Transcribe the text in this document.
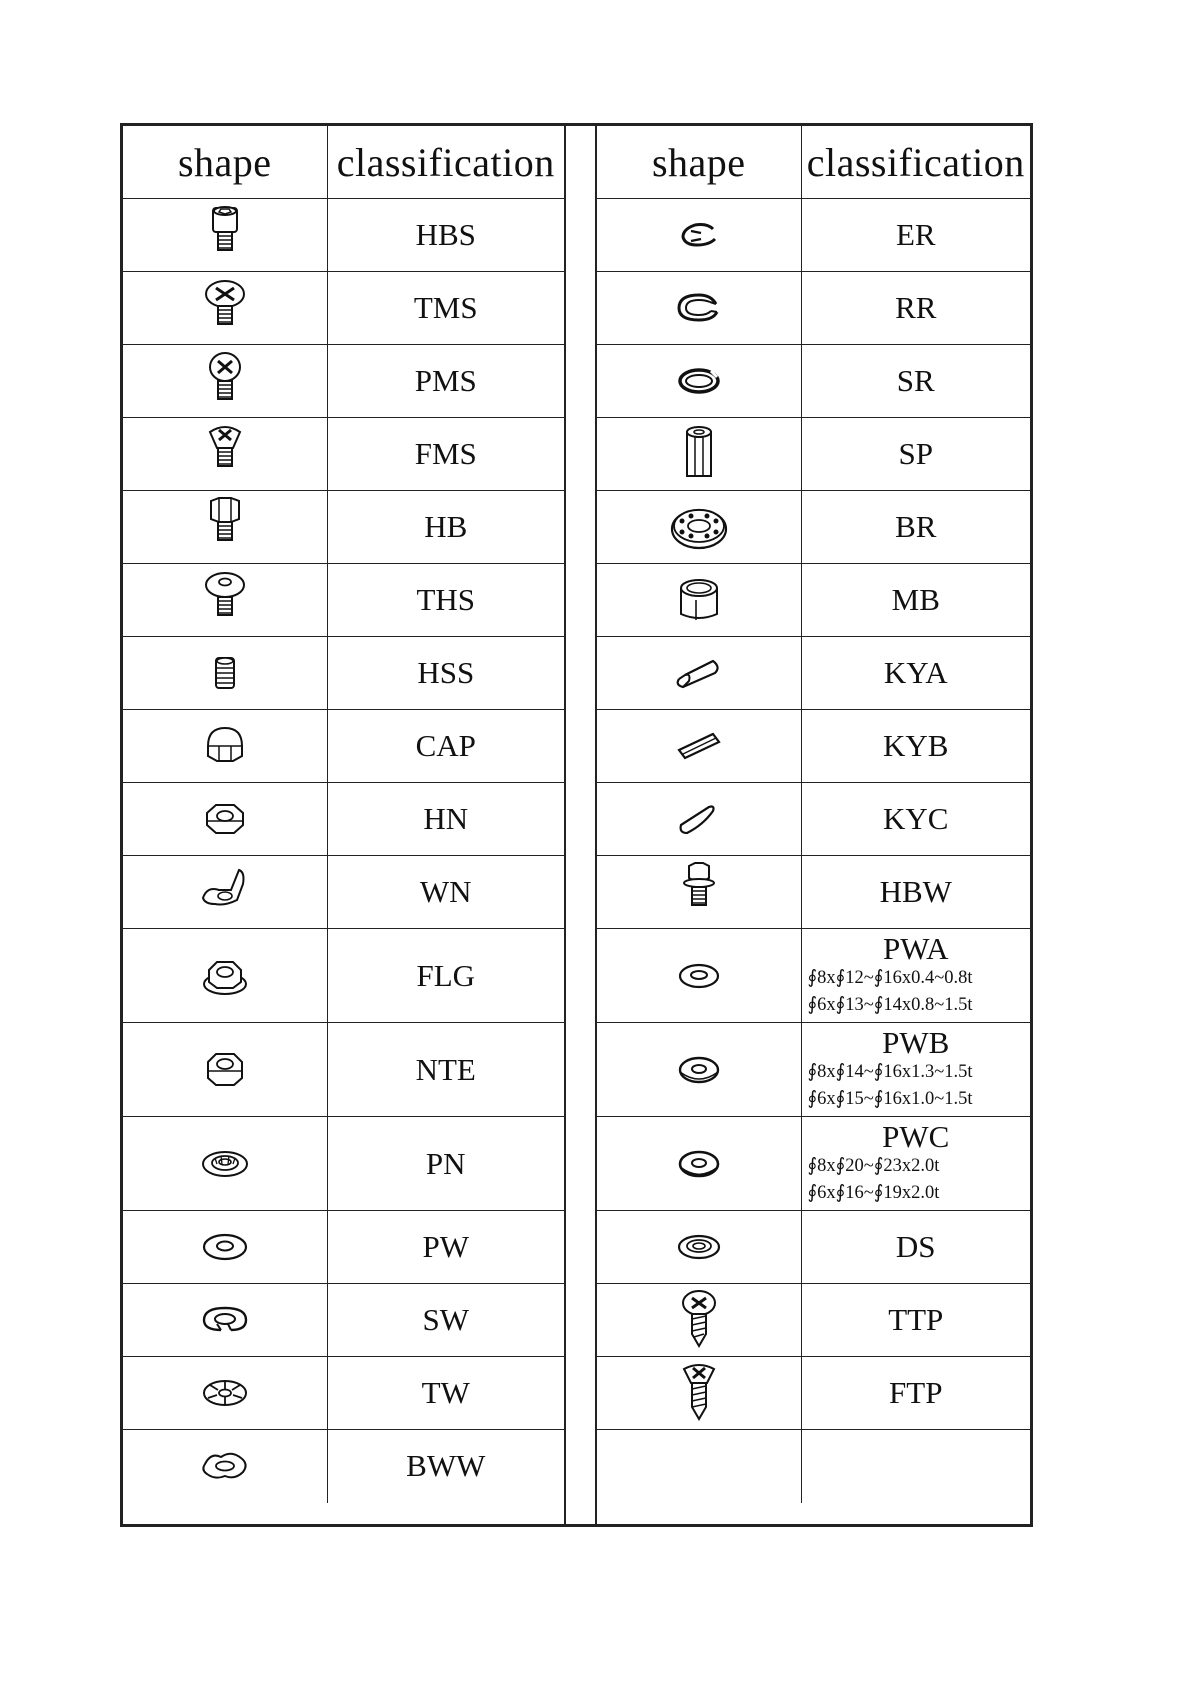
shape	classification

	HBS

	TMS

	PMS

	FMS

	HB

	THS

	HSS

	CAP

	HN

	WN

	FLG

	NTE

	PN

	PW

	SW

	TW

	BWW
shape	classification

	ER

	RR

	SR

	SP

	BR

	MB

	KYA

	KYB

	KYC

	HBW

PWA
∮8x∮12~∮16x0.4~0.8t
∮6x∮13~∮14x0.8~1.5t

PWB
∮8x∮14~∮16x1.3~1.5t
∮6x∮15~∮16x1.0~1.5t

PWC
∮8x∮20~∮23x2.0t
∮6x∮16~∮19x2.0t

	DS

	TTP

	FTP
